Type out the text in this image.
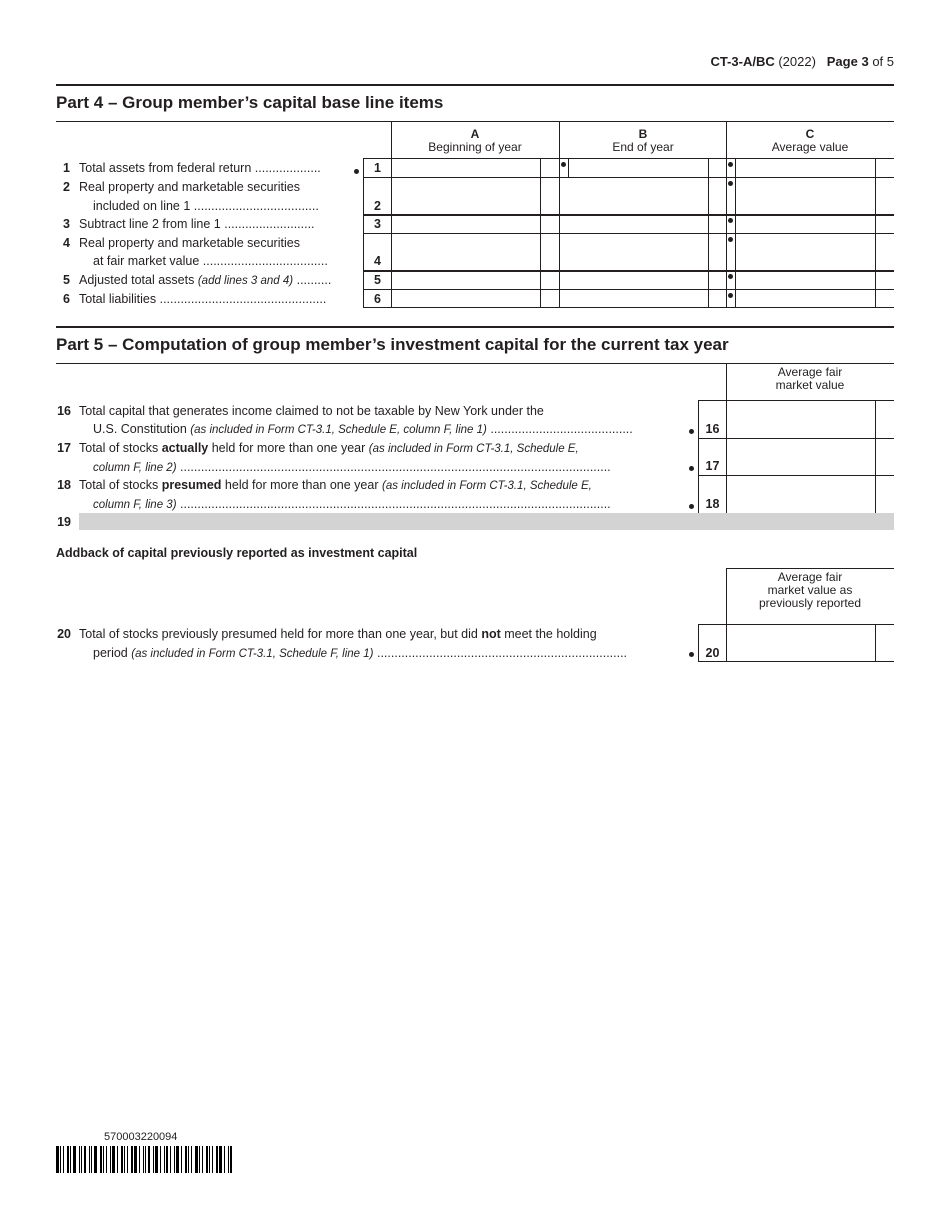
CT-3-A/BC (2022) Page 3 of 5
Part 4 – Group member’s capital base line items
A
Beginning of year
B
End of year
C
Average value
1 Total assets from federal return ...................	1
2 Real property and marketable securities
included on line 1 ....................................	2
3 Subtract line 2 from line 1 ..........................	3
4 Real property and marketable securities
at fair market value ....................................	4
5 Adjusted total assets (add lines 3 and 4) ..........	5
6 Total liabilities ................................................	6
Part 5 – Computation of group member’s investment capital for the current tax year
Average fair
market value
16 Total capital that generates income claimed to not be taxable by New York under the
U.S. Constitution (as included in Form CT-3.1, Schedule E, column F, line 1) .........................................	16
17 Total of stocks actually held for more than one year (as included in Form CT-3.1, Schedule E,
column F, line 2) ............................................................................................................................	17
18 Total of stocks presumed held for more than one year (as included in Form CT-3.1, Schedule E,
column F, line 3) ............................................................................................................................	18
19
Addback of capital previously reported as investment capital
Average fair
market value as
previously reported
20 Total of stocks previously presumed held for more than one year, but did not meet the holding
period (as included in Form CT-3.1, Schedule F, line 1) ........................................................................	20
570003220094
